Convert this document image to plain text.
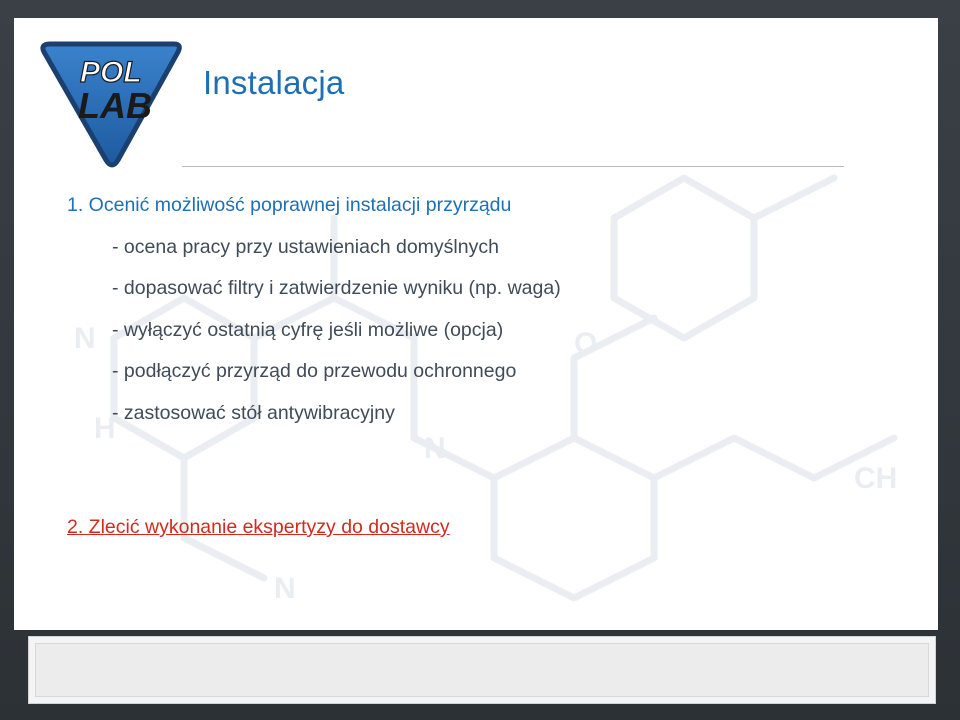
N
H
N
CH
O
N
POL
LAB
Instalacja

1. Ocenić możliwość poprawnej instalacji przyrządu

- ocena pracy przy ustawieniach domyślnych

- dopasować filtry i zatwierdzenie wyniku (np. waga)

- wyłączyć ostatnią cyfrę jeśli możliwe (opcja)

- podłączyć przyrząd do przewodu ochronnego

- zastosować stół antywibracyjny

2. Zlecić wykonanie ekspertyzy do dostawcy
